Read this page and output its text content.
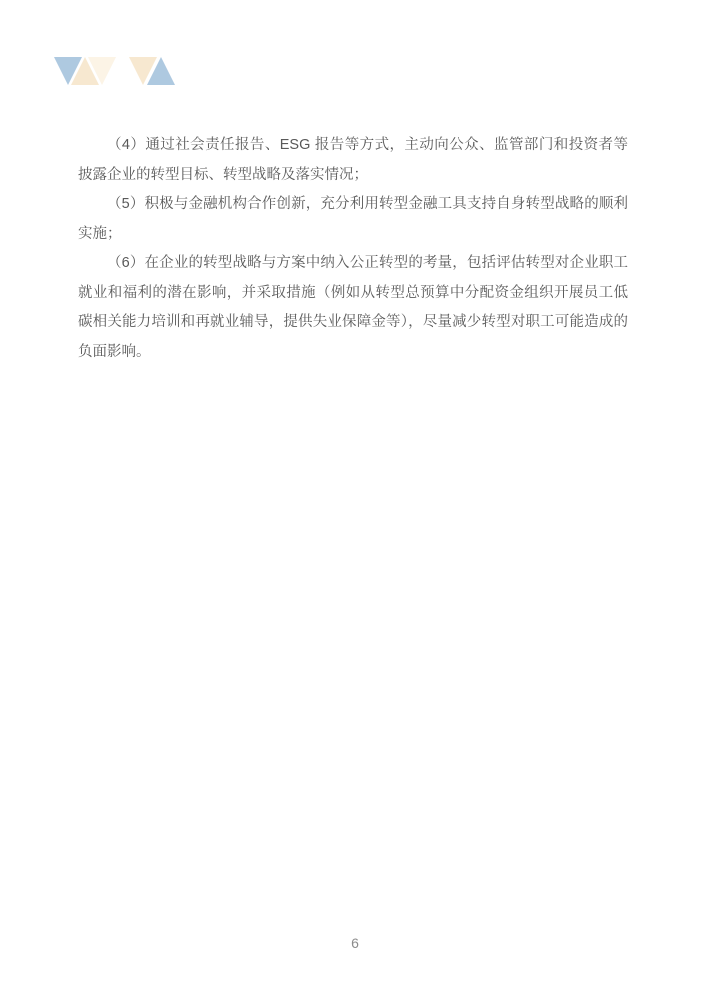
（4）通过社会责任报告、ESG 报告等方式，主动向公众、监管部门和投资者等披露企业的转型目标、转型战略及落实情况；

（5）积极与金融机构合作创新，充分利用转型金融工具支持自身转型战略的顺利实施；

（6）在企业的转型战略与方案中纳入公正转型的考量，包括评估转型对企业职工就业和福利的潜在影响，并采取措施（例如从转型总预算中分配资金组织开展员工低碳相关能力培训和再就业辅导，提供失业保障金等），尽量减少转型对职工可能造成的负面影响。

6
